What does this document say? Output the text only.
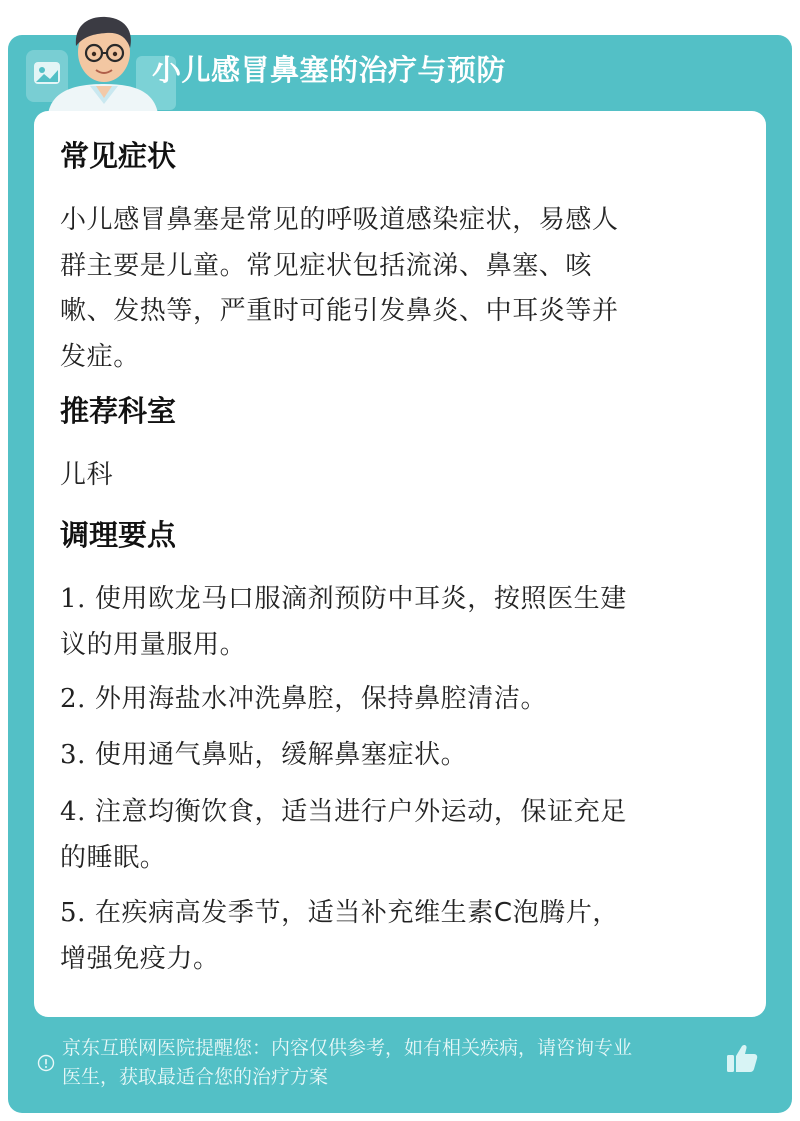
小儿感冒鼻塞的治疗与预防
常见症状
小儿感冒鼻塞是常见的呼吸道感染症状，易感人
群主要是儿童。常见症状包括流涕、鼻塞、咳
嗽、发热等，严重时可能引发鼻炎、中耳炎等并
发症。
推荐科室
儿科
调理要点
1. 使用欧龙马口服滴剂预防中耳炎，按照医生建
议的用量服用。
2. 外用海盐水冲洗鼻腔，保持鼻腔清洁。
3. 使用通气鼻贴，缓解鼻塞症状。
4. 注意均衡饮食，适当进行户外运动，保证充足
的睡眠。
5. 在疾病高发季节，适当补充维生素C泡腾片，
增强免疫力。
京东互联网医院提醒您：内容仅供参考，如有相关疾病，请咨询专业
医生，获取最适合您的治疗方案
